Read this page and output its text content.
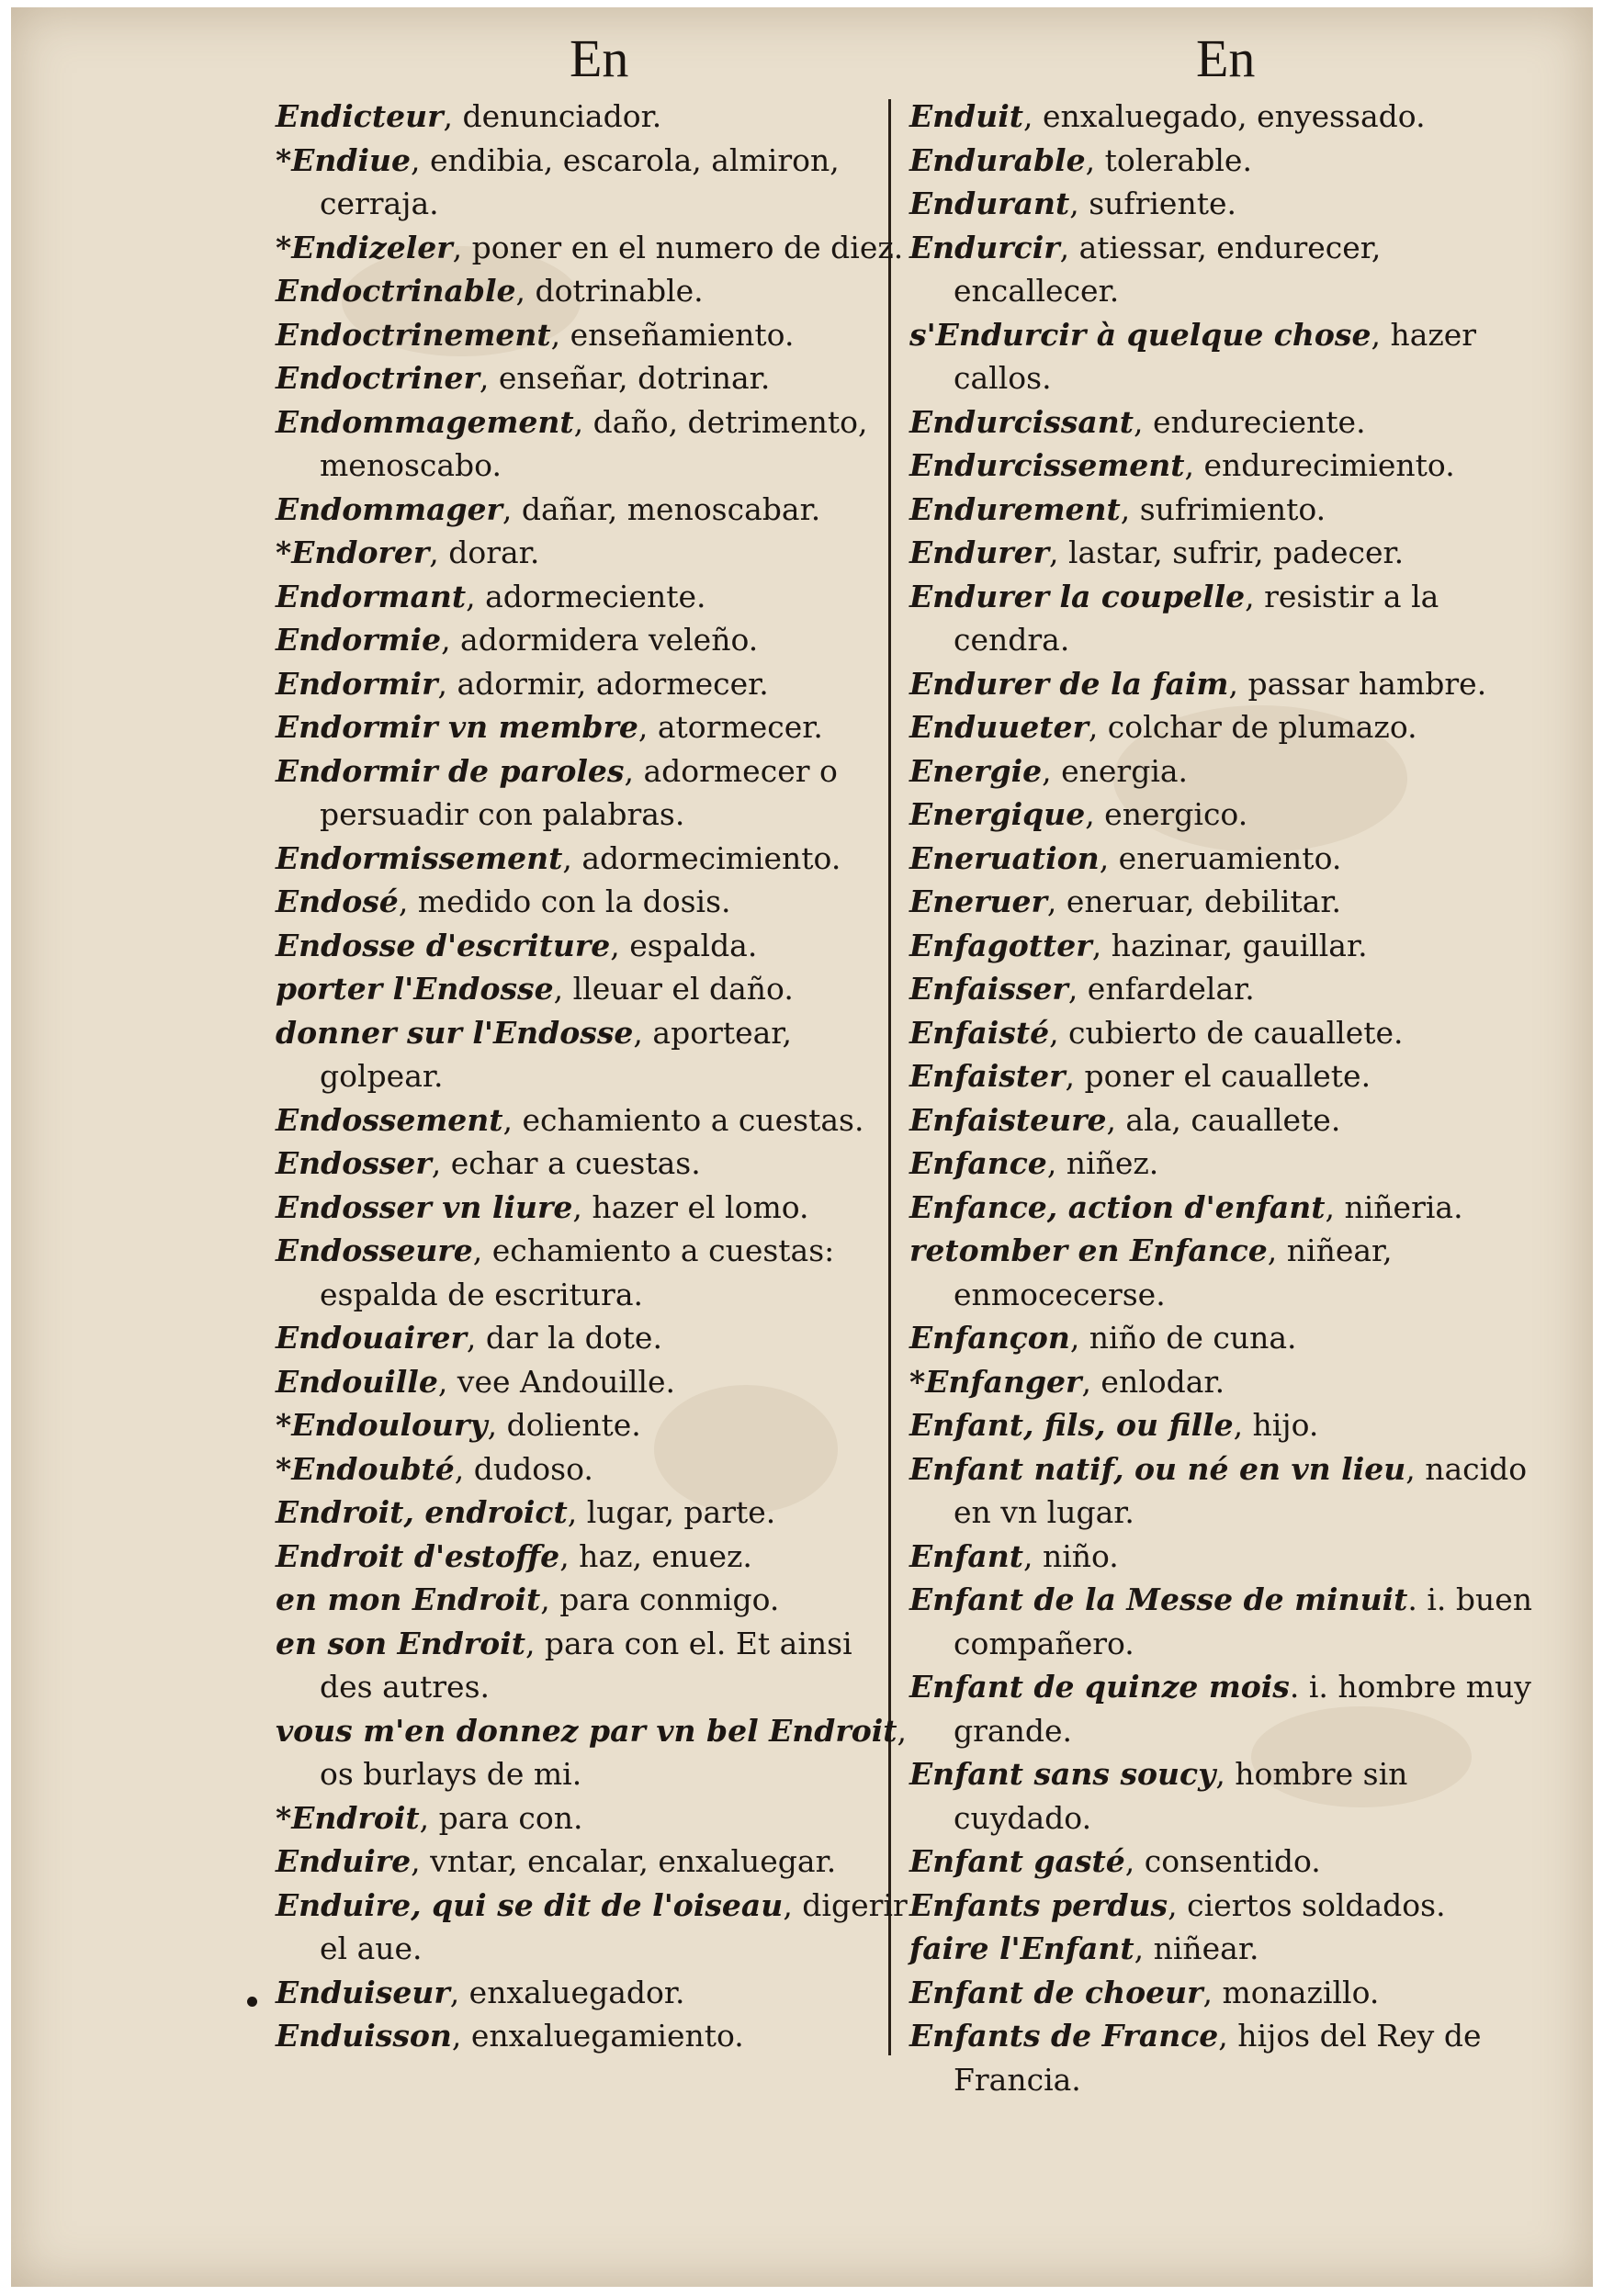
En	En

Endicteur, denunciador.

*Endiue, endibia, escarola, almiron, cerraja.

*Endizeler, poner en el numero de diez.

Endoctrinable, dotrinable.

Endoctrinement, enseñamiento.

Endoctriner, enseñar, dotrinar.

Endommagement, daño, detrimento, menoscabo.

Endommager, dañar, menoscabar.

*Endorer, dorar.

Endormant, adormeciente.

Endormie, adormidera veleño.

Endormir, adormir, adormecer.

Endormir vn membre, atormecer.

Endormir de paroles, adormecer o persuadir con palabras.

Endormissement, adormecimiento.

Endosé, medido con la dosis.

Endosse d'escriture, espalda.

porter l'Endosse, lleuar el daño.

donner sur l'Endosse, aportear, golpear.

Endossement, echamiento a cuestas.

Endosser, echar a cuestas.

Endosser vn liure, hazer el lomo.

Endosseure, echamiento a cuestas: espalda de escritura.

Endouairer, dar la dote.

Endouille, vee Andouille.

*Endouloury, doliente.

*Endoubté, dudoso.

Endroit, endroict, lugar, parte.

Endroit d'estoffe, haz, enuez.

en mon Endroit, para conmigo.

en son Endroit, para con el. Et ainsi des autres.

vous m'en donnez par vn bel Endroit, os burlays de mi.

*Endroit, para con.

Enduire, vntar, encalar, enxaluegar.

Enduire, qui se dit de l'oiseau, digerir el aue.

Enduiseur, enxaluegador.

Enduisson, enxaluegamiento.

Enduit, enxaluegado, enyessado.

Endurable, tolerable.

Endurant, sufriente.

Endurcir, atiessar, endurecer, encallecer.

s'Endurcir à quelque chose, hazer callos.

Endurcissant, endureciente.

Endurcissement, endurecimiento.

Endurement, sufrimiento.

Endurer, lastar, sufrir, padecer.

Endurer la coupelle, resistir a la cendra.

Endurer de la faim, passar hambre.

Enduueter, colchar de plumazo.

Energie, energia.

Energique, energico.

Eneruation, eneruamiento.

Eneruer, eneruar, debilitar.

Enfagotter, hazinar, gauillar.

Enfaisser, enfardelar.

Enfaisté, cubierto de cauallete.

Enfaister, poner el cauallete.

Enfaisteure, ala, cauallete.

Enfance, niñez.

Enfance, action d'enfant, niñeria.

retomber en Enfance, niñear, enmocecerse.

Enfançon, niño de cuna.

*Enfanger, enlodar.

Enfant, fils, ou fille, hijo.

Enfant natif, ou né en vn lieu, nacido en vn lugar.

Enfant, niño.

Enfant de la Messe de minuit. i. buen compañero.

Enfant de quinze mois. i. hombre muy grande.

Enfant sans soucy, hombre sin cuydado.

Enfant gasté, consentido.

Enfants perdus, ciertos soldados.

faire l'Enfant, niñear.

Enfant de choeur, monazillo.

Enfants de France, hijos del Rey de Francia.
